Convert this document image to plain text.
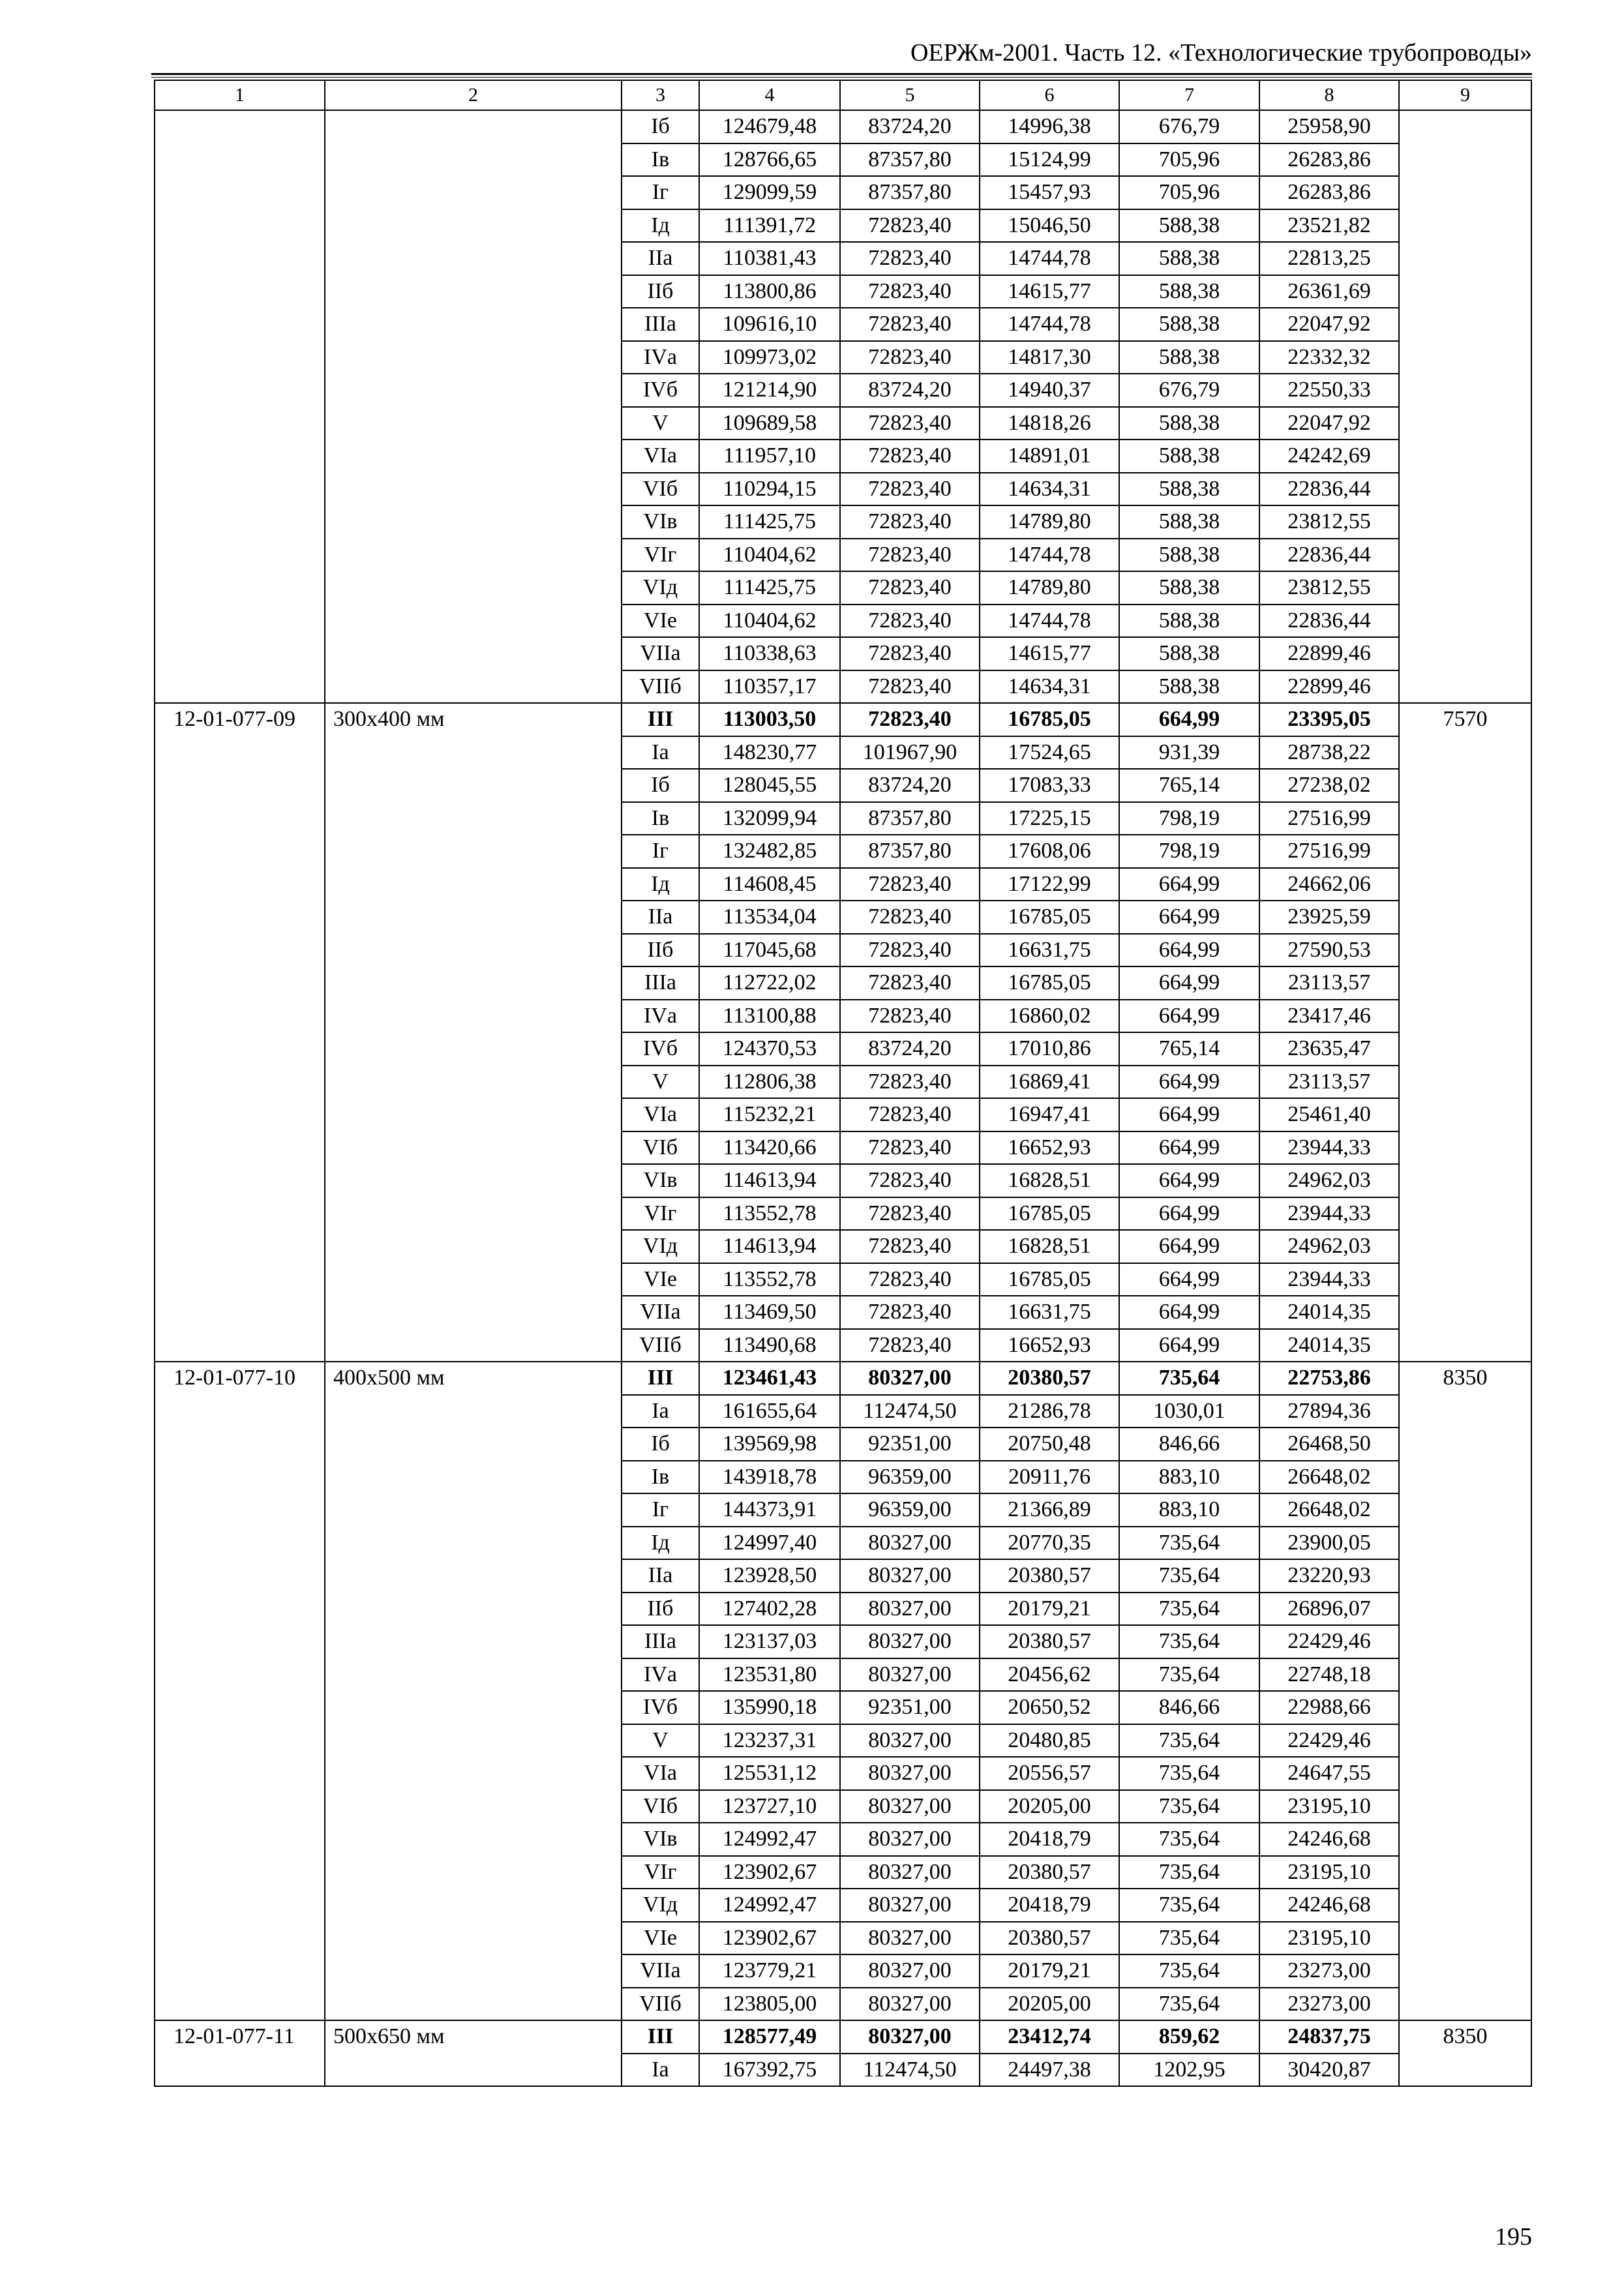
ОЕРЖм-2001. Часть 12. «Технологические трубопроводы»
1	2	3	4	5	6	7	8	9
		Iб	124679,48	83724,20	14996,38	676,79	25958,90	
		Iв	128766,65	87357,80	15124,99	705,96	26283,86	
		Iг	129099,59	87357,80	15457,93	705,96	26283,86	
		Iд	111391,72	72823,40	15046,50	588,38	23521,82	
		IIа	110381,43	72823,40	14744,78	588,38	22813,25	
		IIб	113800,86	72823,40	14615,77	588,38	26361,69	
		IIIа	109616,10	72823,40	14744,78	588,38	22047,92	
		IVа	109973,02	72823,40	14817,30	588,38	22332,32	
		IVб	121214,90	83724,20	14940,37	676,79	22550,33	
		V	109689,58	72823,40	14818,26	588,38	22047,92	
		VIа	111957,10	72823,40	14891,01	588,38	24242,69	
		VIб	110294,15	72823,40	14634,31	588,38	22836,44	
		VIв	111425,75	72823,40	14789,80	588,38	23812,55	
		VIг	110404,62	72823,40	14744,78	588,38	22836,44	
		VIд	111425,75	72823,40	14789,80	588,38	23812,55	
		VIе	110404,62	72823,40	14744,78	588,38	22836,44	
		VIIа	110338,63	72823,40	14615,77	588,38	22899,46	
		VIIб	110357,17	72823,40	14634,31	588,38	22899,46	
12-01-077-09	300х400 мм	III	113003,50	72823,40	16785,05	664,99	23395,05	7570
		Iа	148230,77	101967,90	17524,65	931,39	28738,22	
		Iб	128045,55	83724,20	17083,33	765,14	27238,02	
		Iв	132099,94	87357,80	17225,15	798,19	27516,99	
		Iг	132482,85	87357,80	17608,06	798,19	27516,99	
		Iд	114608,45	72823,40	17122,99	664,99	24662,06	
		IIа	113534,04	72823,40	16785,05	664,99	23925,59	
		IIб	117045,68	72823,40	16631,75	664,99	27590,53	
		IIIа	112722,02	72823,40	16785,05	664,99	23113,57	
		IVа	113100,88	72823,40	16860,02	664,99	23417,46	
		IVб	124370,53	83724,20	17010,86	765,14	23635,47	
		V	112806,38	72823,40	16869,41	664,99	23113,57	
		VIа	115232,21	72823,40	16947,41	664,99	25461,40	
		VIб	113420,66	72823,40	16652,93	664,99	23944,33	
		VIв	114613,94	72823,40	16828,51	664,99	24962,03	
		VIг	113552,78	72823,40	16785,05	664,99	23944,33	
		VIд	114613,94	72823,40	16828,51	664,99	24962,03	
		VIе	113552,78	72823,40	16785,05	664,99	23944,33	
		VIIа	113469,50	72823,40	16631,75	664,99	24014,35	
		VIIб	113490,68	72823,40	16652,93	664,99	24014,35	
12-01-077-10	400х500 мм	III	123461,43	80327,00	20380,57	735,64	22753,86	8350
		Iа	161655,64	112474,50	21286,78	1030,01	27894,36	
		Iб	139569,98	92351,00	20750,48	846,66	26468,50	
		Iв	143918,78	96359,00	20911,76	883,10	26648,02	
		Iг	144373,91	96359,00	21366,89	883,10	26648,02	
		Iд	124997,40	80327,00	20770,35	735,64	23900,05	
		IIа	123928,50	80327,00	20380,57	735,64	23220,93	
		IIб	127402,28	80327,00	20179,21	735,64	26896,07	
		IIIа	123137,03	80327,00	20380,57	735,64	22429,46	
		IVа	123531,80	80327,00	20456,62	735,64	22748,18	
		IVб	135990,18	92351,00	20650,52	846,66	22988,66	
		V	123237,31	80327,00	20480,85	735,64	22429,46	
		VIа	125531,12	80327,00	20556,57	735,64	24647,55	
		VIб	123727,10	80327,00	20205,00	735,64	23195,10	
		VIв	124992,47	80327,00	20418,79	735,64	24246,68	
		VIг	123902,67	80327,00	20380,57	735,64	23195,10	
		VIд	124992,47	80327,00	20418,79	735,64	24246,68	
		VIе	123902,67	80327,00	20380,57	735,64	23195,10	
		VIIа	123779,21	80327,00	20179,21	735,64	23273,00	
		VIIб	123805,00	80327,00	20205,00	735,64	23273,00	
12-01-077-11	500х650 мм	III	128577,49	80327,00	23412,74	859,62	24837,75	8350
		Iа	167392,75	112474,50	24497,38	1202,95	30420,87	
195
